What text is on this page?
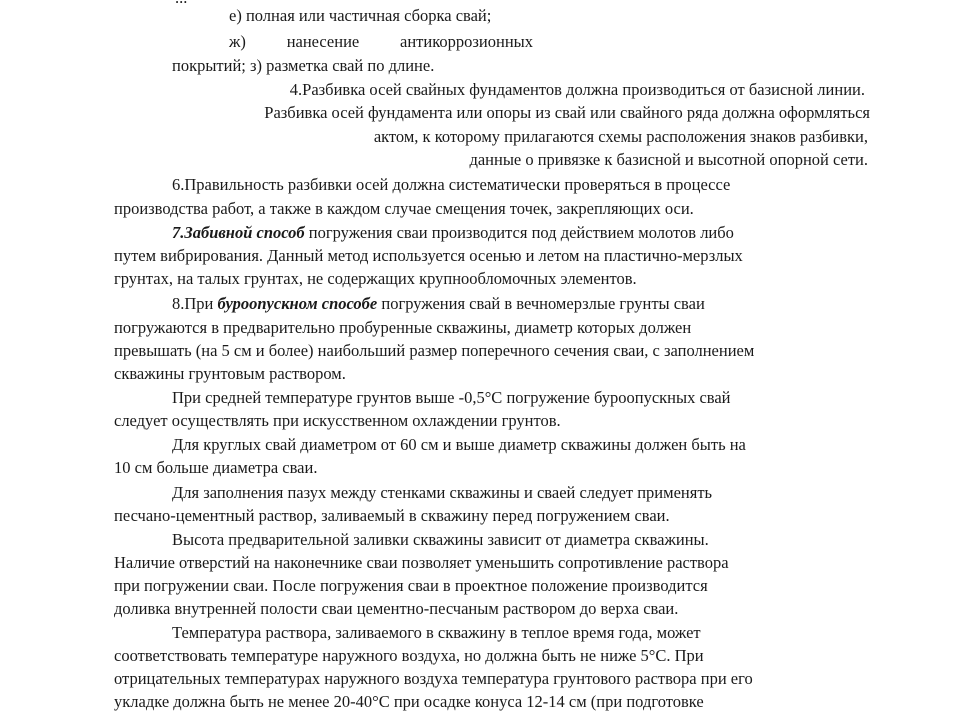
е) полная или частичная сборка свай;
ж) нанесение антикоррозионных
покрытий; з) разметка свай по длине.
4.Разбивка осей свайных фундаментов должна производиться от базисной линии.
Разбивка осей фундамента или опоры из свай или свайного ряда должна оформляться
актом, к которому прилагаются схемы расположения знаков разбивки,
данные о привязке к базисной и высотной опорной сети.
6.Правильность разбивки осей должна систематически проверяться в процессе
производства работ, а также в каждом случае смещения точек, закрепляющих оси.
7.Забивной способ погружения сваи производится под действием молотов либо
путем вибрирования. Данный метод используется осенью и летом на пластично-мерзлых
грунтах, на талых грунтах, не содержащих крупнообломочных элементов.
8.При буроопускном способе погружения свай в вечномерзлые грунты сваи
погружаются в предварительно пробуренные скважины, диаметр которых должен
превышать (на 5 см и более) наибольший размер поперечного сечения сваи, с заполнением
скважины грунтовым раствором.
При средней температуре грунтов выше -0,5°С погружение буроопускных свай
следует осуществлять при искусственном охлаждении грунтов.
Для круглых свай диаметром от 60 см и выше диаметр скважины должен быть на
10 см больше диаметра сваи.
Для заполнения пазух между стенками скважины и сваей следует применять
песчано-цементный раствор, заливаемый в скважину перед погружением сваи.
Высота предварительной заливки скважины зависит от диаметра скважины.
Наличие отверстий на наконечнике сваи позволяет уменьшить сопротивление раствора
при погружении сваи. После погружения сваи в проектное положение производится
доливка внутренней полости сваи цементно-песчаным раствором до верха сваи.
Температура раствора, заливаемого в скважину в теплое время года, может
соответствовать температуре наружного воздуха, но должна быть не ниже 5°С. При
отрицательных температурах наружного воздуха температура грунтового раствора при его
укладке должна быть не менее 20-40°С при осадке конуса 12-14 см (при подготовке
